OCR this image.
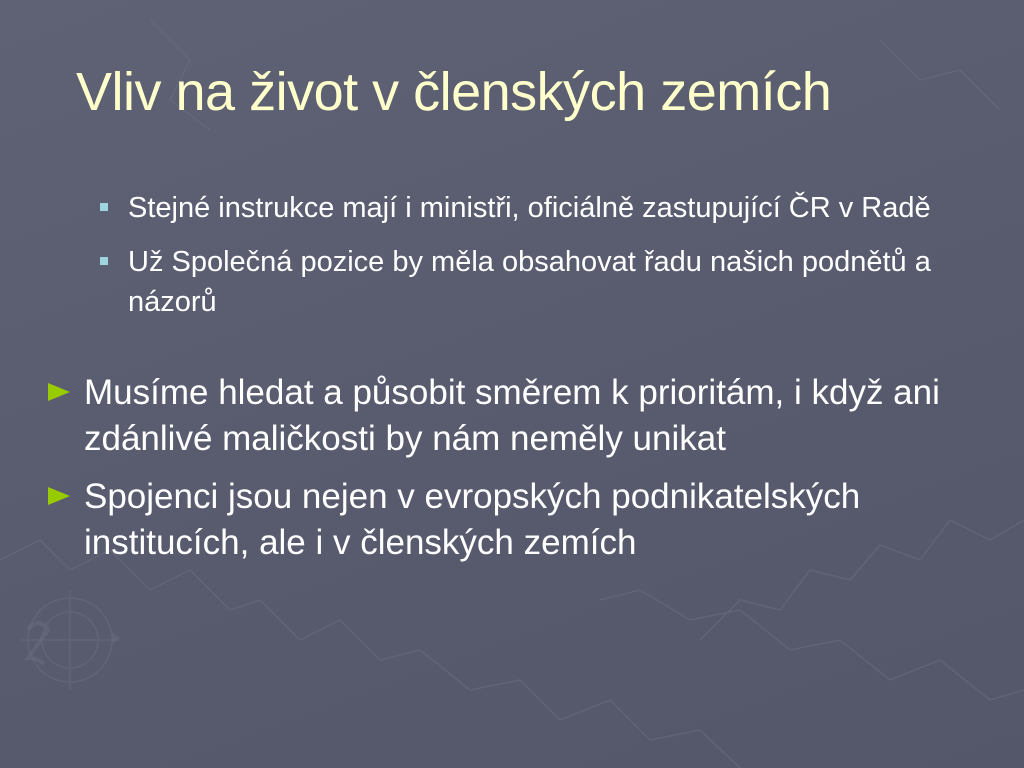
Vliv na život v členských zemích
Stejné instrukce mají i ministři, oficiálně zastupující ČR v Radě
Už Společná pozice by měla obsahovat řadu našich podnětů a názorů
Musíme hledat a působit směrem k prioritám, i když ani zdánlivé maličkosti by nám neměly unikat
Spojenci jsou nejen v evropských podnikatelských institucích, ale i v členských zemích
